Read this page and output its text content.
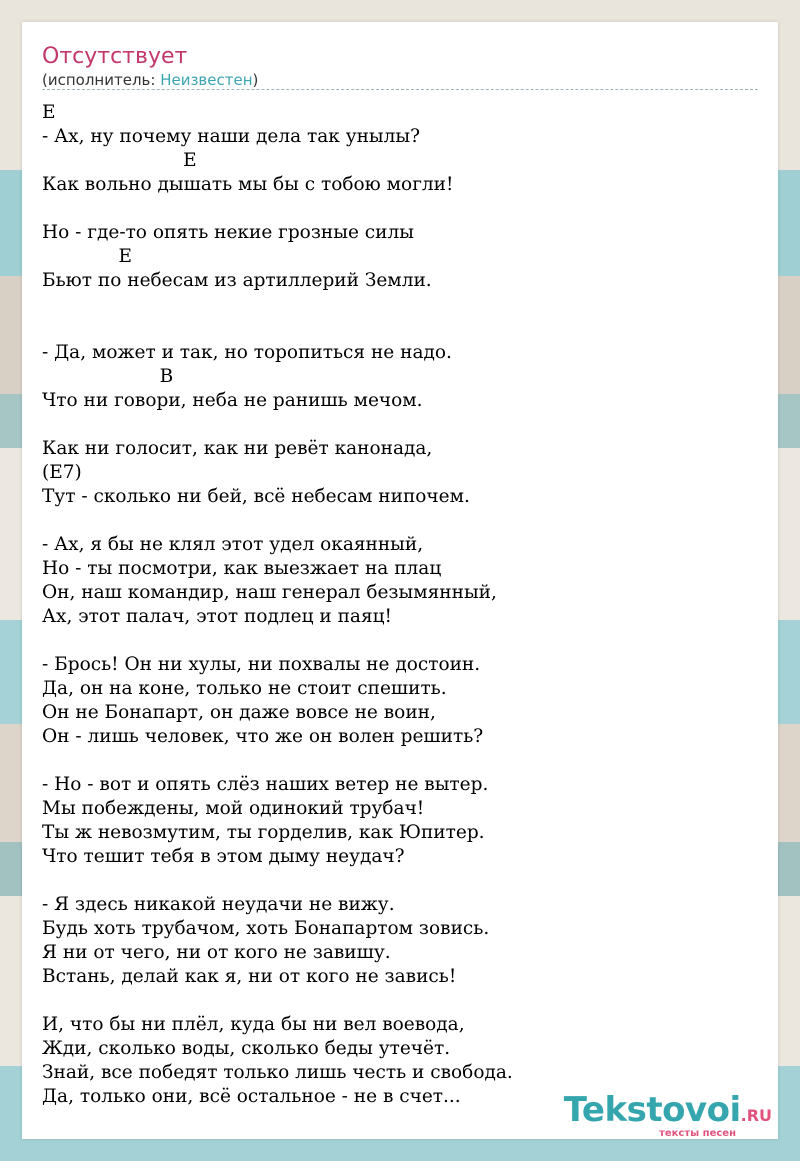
Отсутствует
(исполнитель: Неизвестен)
E
- Ах, ну почему наши дела так унылы?
E
Как вольно дышать мы бы с тобою могли!
Но - где-то опять некие грозные силы
E
Бьют по небесам из артиллерий Земли.
- Да, может и так, но торопиться не надо.
B
Что ни говори, неба не ранишь мечом.
Как ни голосит, как ни ревёт канонада,
(E7)
Тут - сколько ни бей, всё небесам нипочем.
- Ах, я бы не клял этот удел окаянный,
Но - ты посмотри, как выезжает на плац
Он, наш командир, наш генерал безымянный,
Ах, этот палач, этот подлец и паяц!
- Брось! Он ни хулы, ни похвалы не достоин.
Да, он на коне, только не стоит спешить.
Он не Бонапарт, он даже вовсе не воин,
Он - лишь человек, что же он волен решить?
- Но - вот и опять слёз наших ветер не вытер.
Мы побеждены, мой одинокий трубач!
Ты ж невозмутим, ты горделив, как Юпитер.
Что тешит тебя в этом дыму неудач?
- Я здесь никакой неудачи не вижу.
Будь хоть трубачом, хоть Бонапартом зовись.
Я ни от чего, ни от кого не завишу.
Встань, делай как я, ни от кого не завись!
И, что бы ни плёл, куда бы ни вел воевода,
Жди, сколько воды, сколько беды утечёт.
Знай, все победят только лишь честь и свобода.
Да, только они, всё остальное - не в счет...	Tekstovoi.RU
тексты песен
